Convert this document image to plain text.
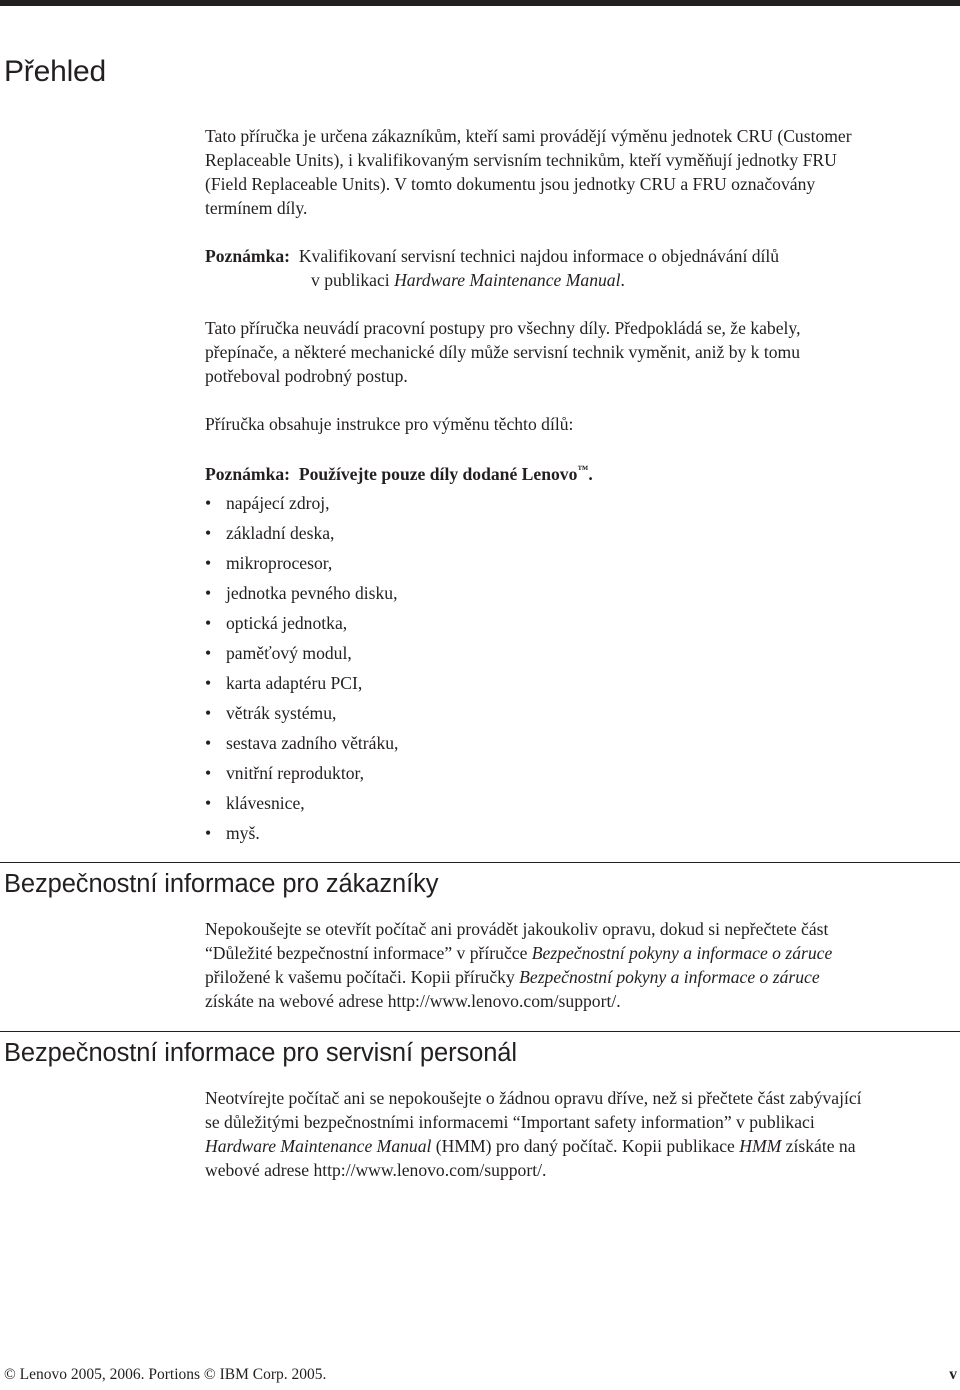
Přehled

Tato příručka je určena zákazníkům, kteří sami provádějí výměnu jednotek CRU (Customer
Replaceable Units), i kvalifikovaným servisním technikům, kteří vyměňují jednotky FRU
(Field Replaceable Units). V tomto dokumentu jsou jednotky CRU a FRU označovány
termínem díly.

Poznámka: Kvalifikovaní servisní technici najdou informace o objednávání dílů
v publikaci Hardware Maintenance Manual.

Tato příručka neuvádí pracovní postupy pro všechny díly. Předpokládá se, že kabely,
přepínače, a některé mechanické díly může servisní technik vyměnit, aniž by k tomu
potřeboval podrobný postup.

Příručka obsahuje instrukce pro výměnu těchto dílů:

Poznámka: Používejte pouze díly dodané Lenovo™.

• napájecí zdroj,
• základní deska,
• mikroprocesor,
• jednotka pevného disku,
• optická jednotka,
• paměťový modul,
• karta adaptéru PCI,
• větrák systému,
• sestava zadního větráku,
• vnitřní reproduktor,
• klávesnice,
• myš.
Bezpečnostní informace pro zákazníky

Nepokoušejte se otevřít počítač ani provádět jakoukoliv opravu, dokud si nepřečtete část
“Důležité bezpečnostní informace” v příručce Bezpečnostní pokyny a informace o záruce
přiložené k vašemu počítači. Kopii příručky Bezpečnostní pokyny a informace o záruce
získáte na webové adrese http://www.lenovo.com/support/.

Bezpečnostní informace pro servisní personál

Neotvírejte počítač ani se nepokoušejte o žádnou opravu dříve, než si přečtete část zabývající
se důležitými bezpečnostními informacemi “Important safety information” v publikaci
Hardware Maintenance Manual (HMM) pro daný počítač. Kopii publikace HMM získáte na
webové adrese http://www.lenovo.com/support/.

© Lenovo 2005, 2006. Portions © IBM Corp. 2005.	v
